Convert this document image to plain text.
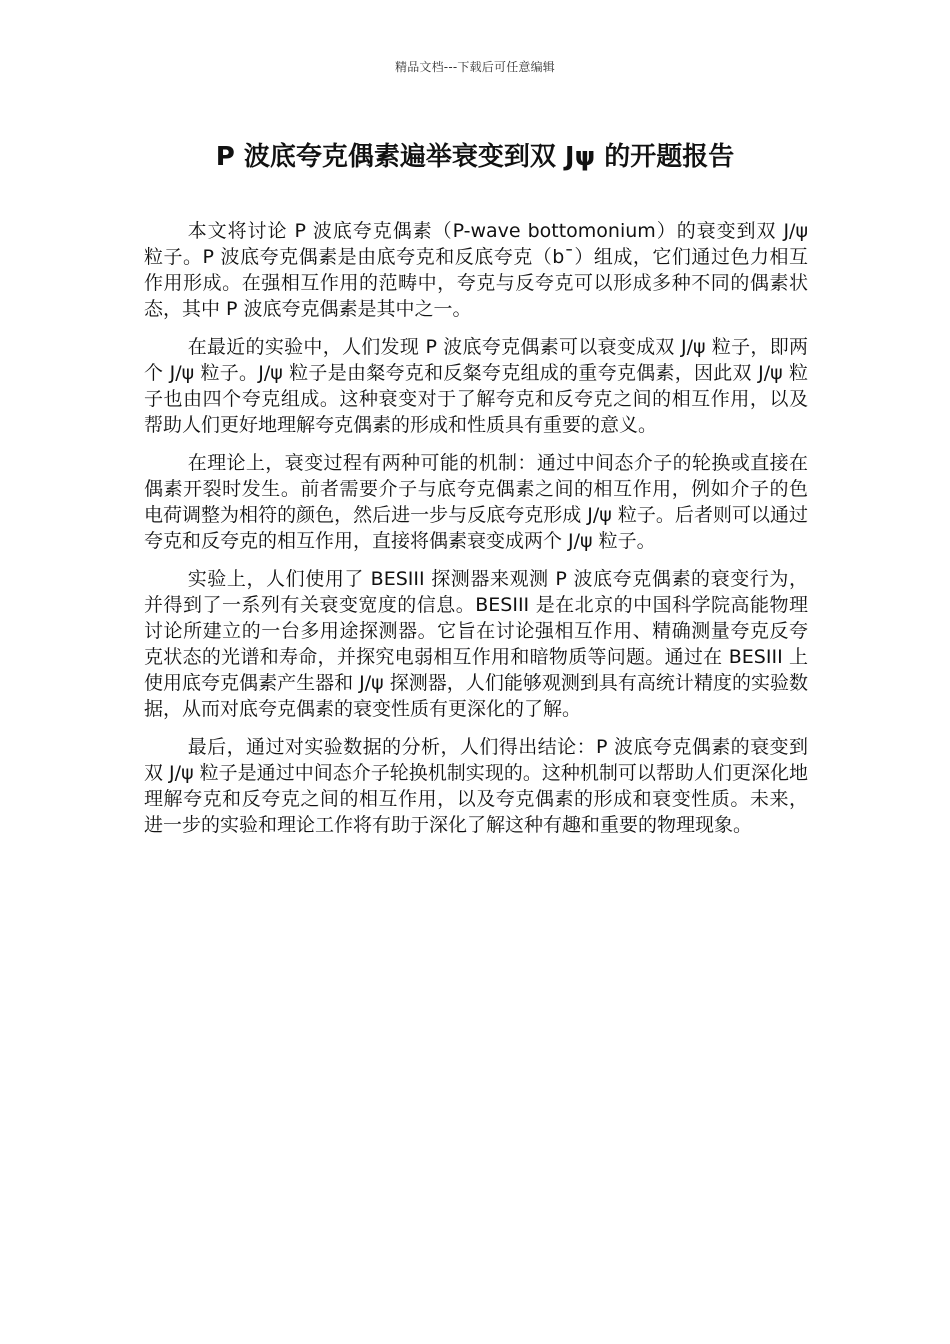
精品文档---下载后可任意编辑
P 波底夸克偶素遍举衰变到双 Jψ 的开题报告

本文将讨论 P 波底夸克偶素（P-wave bottomonium）的衰变到双 J/ψ 粒子。P 波底夸克偶素是由底夸克和反底夸克（b¯）组成，它们通过色力相互作用形成。在强相互作用的范畴中，夸克与反夸克可以形成多种不同的偶素状态，其中 P 波底夸克偶素是其中之一。

在最近的实验中，人们发现 P 波底夸克偶素可以衰变成双 J/ψ 粒子，即两个 J/ψ 粒子。J/ψ 粒子是由粲夸克和反粲夸克组成的重夸克偶素，因此双 J/ψ 粒子也由四个夸克组成。这种衰变对于了解夸克和反夸克之间的相互作用，以及帮助人们更好地理解夸克偶素的形成和性质具有重要的意义。

在理论上，衰变过程有两种可能的机制：通过中间态介子的轮换或直接在偶素开裂时发生。前者需要介子与底夸克偶素之间的相互作用，例如介子的色电荷调整为相符的颜色，然后进一步与反底夸克形成 J/ψ 粒子。后者则可以通过夸克和反夸克的相互作用，直接将偶素衰变成两个 J/ψ 粒子。

实验上，人们使用了 BESIII 探测器来观测 P 波底夸克偶素的衰变行为，并得到了一系列有关衰变宽度的信息。BESIII 是在北京的中国科学院高能物理讨论所建立的一台多用途探测器。它旨在讨论强相互作用、精确测量夸克反夸克状态的光谱和寿命，并探究电弱相互作用和暗物质等问题。通过在 BESIII 上使用底夸克偶素产生器和 J/ψ 探测器，人们能够观测到具有高统计精度的实验数据，从而对底夸克偶素的衰变性质有更深化的了解。

最后，通过对实验数据的分析，人们得出结论：P 波底夸克偶素的衰变到双 J/ψ 粒子是通过中间态介子轮换机制实现的。这种机制可以帮助人们更深化地理解夸克和反夸克之间的相互作用，以及夸克偶素的形成和衰变性质。未来，进一步的实验和理论工作将有助于深化了解这种有趣和重要的物理现象。
